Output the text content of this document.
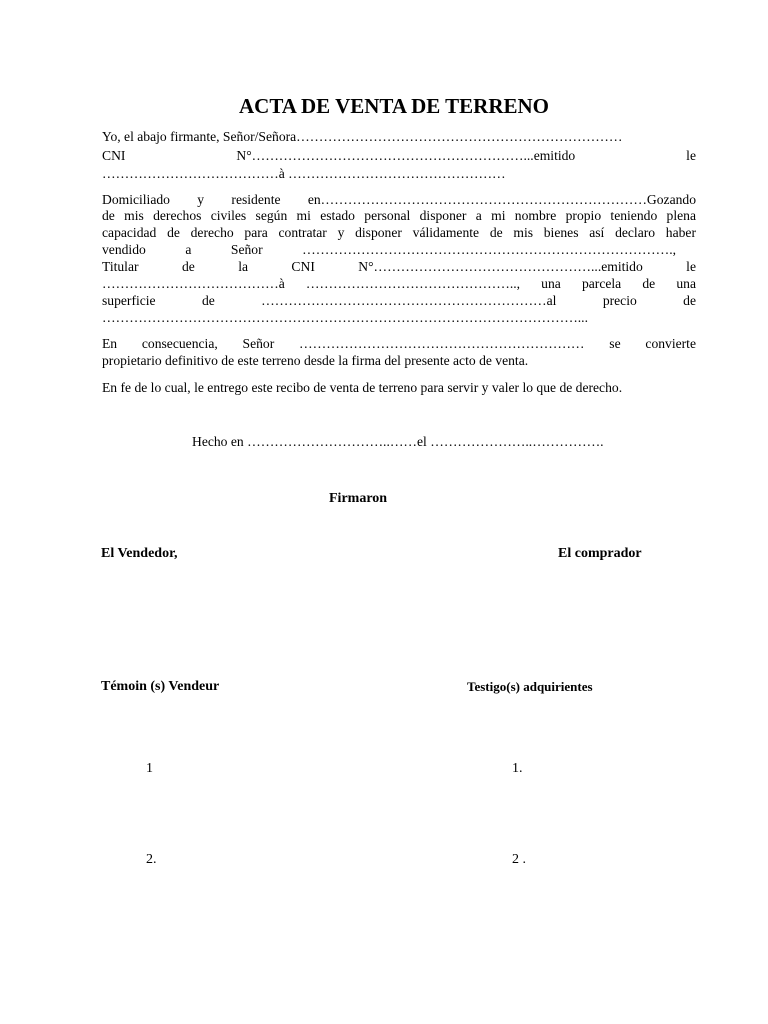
ACTA DE VENTA DE TERRENO
Yo, el abajo firmante, Señor/Señora………………………………………………………………
CNI N°……………………………………………………...emitido le
…………………………………à …………………………………………
Domiciliado y residente en………………………………………………………………Gozando
de mis derechos civiles según mi estado personal disponer a mi nombre propio teniendo plena
capacidad de derecho para contratar y disponer válidamente de mis bienes así declaro haber
vendido a Señor ……………………………………………………………………….,
Titular de la CNI N°…………………………………………...emitido le
…………………………………à ……………………………………….., una parcela de una
superficie de ………………………………………………………al precio de
……………………………………………………………………………………………...
En consecuencia, Señor ……………………………………………………… se convierte
propietario definitivo de este terreno desde la firma del presente acto de venta.
En fe de lo cual, le entrego este recibo de venta de terreno para servir y valer lo que de derecho.
Hecho en …………………………..……el …………………..…………….
Firmaron
El Vendedor,	El comprador
Témoin (s) Vendeur	Testigo(s) adquirientes
1	1.
2.	2 .
